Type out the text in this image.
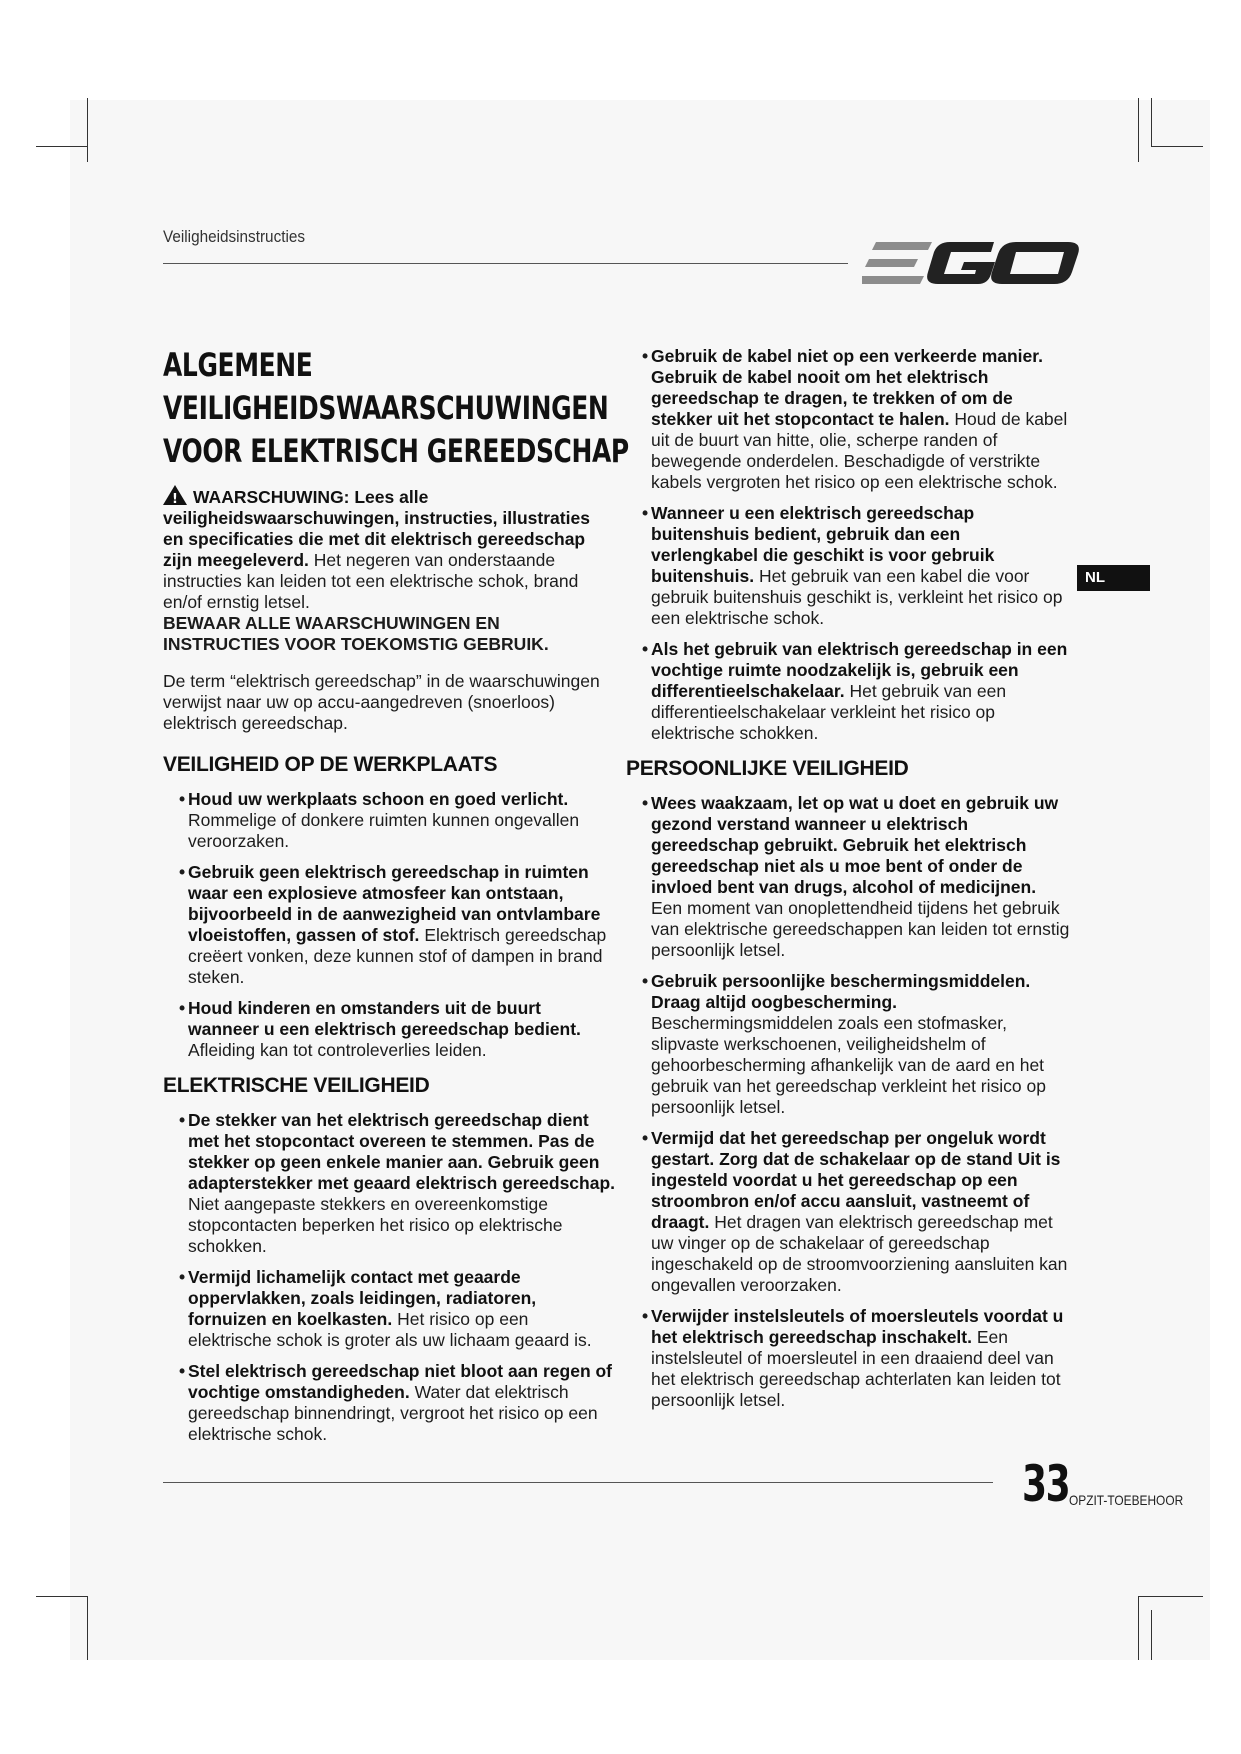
Veiligheidsinstructies
ALGEMENE
VEILIGHEIDSWAARSCHUWINGEN
VOOR ELEKTRISCH GEREEDSCHAP

!WAARSCHUWING: Lees alle veiligheidswaarschuwingen, instructies, illustraties en specificaties die met dit elektrisch gereedschap zijn meegeleverd. Het negeren van onderstaande instructies kan leiden tot een elektrische schok, brand en/of ernstig letsel.

BEWAAR ALLE WAARSCHUWINGEN EN INSTRUCTIES VOOR TOEKOMSTIG GEBRUIK.

De term “elektrisch gereedschap” in de waarschuwingen verwijst naar uw op accu-aangedreven (snoerloos) elektrisch gereedschap.

VEILIGHEID OP DE WERKPLAATS
• Houd uw werkplaats schoon en goed verlicht. Rommelige of donkere ruimten kunnen ongevallen veroorzaken.
• Gebruik geen elektrisch gereedschap in ruimten waar een explosieve atmosfeer kan ontstaan, bijvoorbeeld in de aanwezigheid van ontvlambare vloeistoffen, gassen of stof. Elektrisch gereedschap creëert vonken, deze kunnen stof of dampen in brand steken.
• Houd kinderen en omstanders uit de buurt wanneer u een elektrisch gereedschap bedient. Afleiding kan tot controleverlies leiden.
ELEKTRISCHE VEILIGHEID
• De stekker van het elektrisch gereedschap dient met het stopcontact overeen te stemmen. Pas de stekker op geen enkele manier aan. Gebruik geen adapterstekker met geaard elektrisch gereedschap. Niet aangepaste stekkers en overeenkomstige stopcontacten beperken het risico op elektrische schokken.
• Vermijd lichamelijk contact met geaarde oppervlakken, zoals leidingen, radiatoren, fornuizen en koelkasten. Het risico op een elektrische schok is groter als uw lichaam geaard is.
• Stel elektrisch gereedschap niet bloot aan regen of vochtige omstandigheden. Water dat elektrisch gereedschap binnendringt, vergroot het risico op een elektrische schok.
• Gebruik de kabel niet op een verkeerde manier. Gebruik de kabel nooit om het elektrisch gereedschap te dragen, te trekken of om de stekker uit het stopcontact te halen. Houd de kabel uit de buurt van hitte, olie, scherpe randen of bewegende onderdelen. Beschadigde of verstrikte kabels vergroten het risico op een elektrische schok.
• Wanneer u een elektrisch gereedschap buitenshuis bedient, gebruik dan een verlengkabel die geschikt is voor gebruik buitenshuis. Het gebruik van een kabel die voor gebruik buitenshuis geschikt is, verkleint het risico op een elektrische schok.
• Als het gebruik van elektrisch gereedschap in een vochtige ruimte noodzakelijk is, gebruik een differentieelschakelaar. Het gebruik van een differentieelschakelaar verkleint het risico op elektrische schokken.
PERSOONLIJKE VEILIGHEID
• Wees waakzaam, let op wat u doet en gebruik uw gezond verstand wanneer u elektrisch gereedschap gebruikt. Gebruik het elektrisch gereedschap niet als u moe bent of onder de invloed bent van drugs, alcohol of medicijnen. Een moment van onoplettendheid tijdens het gebruik van elektrische gereedschappen kan leiden tot ernstig persoonlijk letsel.
• Gebruik persoonlijke beschermingsmiddelen. Draag altijd oogbescherming. Beschermingsmiddelen zoals een stofmasker, slipvaste werkschoenen, veiligheidshelm of gehoorbescherming afhankelijk van de aard en het gebruik van het gereedschap verkleint het risico op persoonlijk letsel.
• Vermijd dat het gereedschap per ongeluk wordt gestart. Zorg dat de schakelaar op de stand Uit is ingesteld voordat u het gereedschap op een stroombron en/of accu aansluit, vastneemt of draagt. Het dragen van elektrisch gereedschap met uw vinger op de schakelaar of gereedschap ingeschakeld op de stroomvoorziening aansluiten kan ongevallen veroorzaken.
• Verwijder instelsleutels of moersleutels voordat u het elektrisch gereedschap inschakelt. Een instelsleutel of moersleutel in een draaiend deel van het elektrisch gereedschap achterlaten kan leiden tot persoonlijk letsel.
NL
33 OPZIT-TOEBEHOOR
